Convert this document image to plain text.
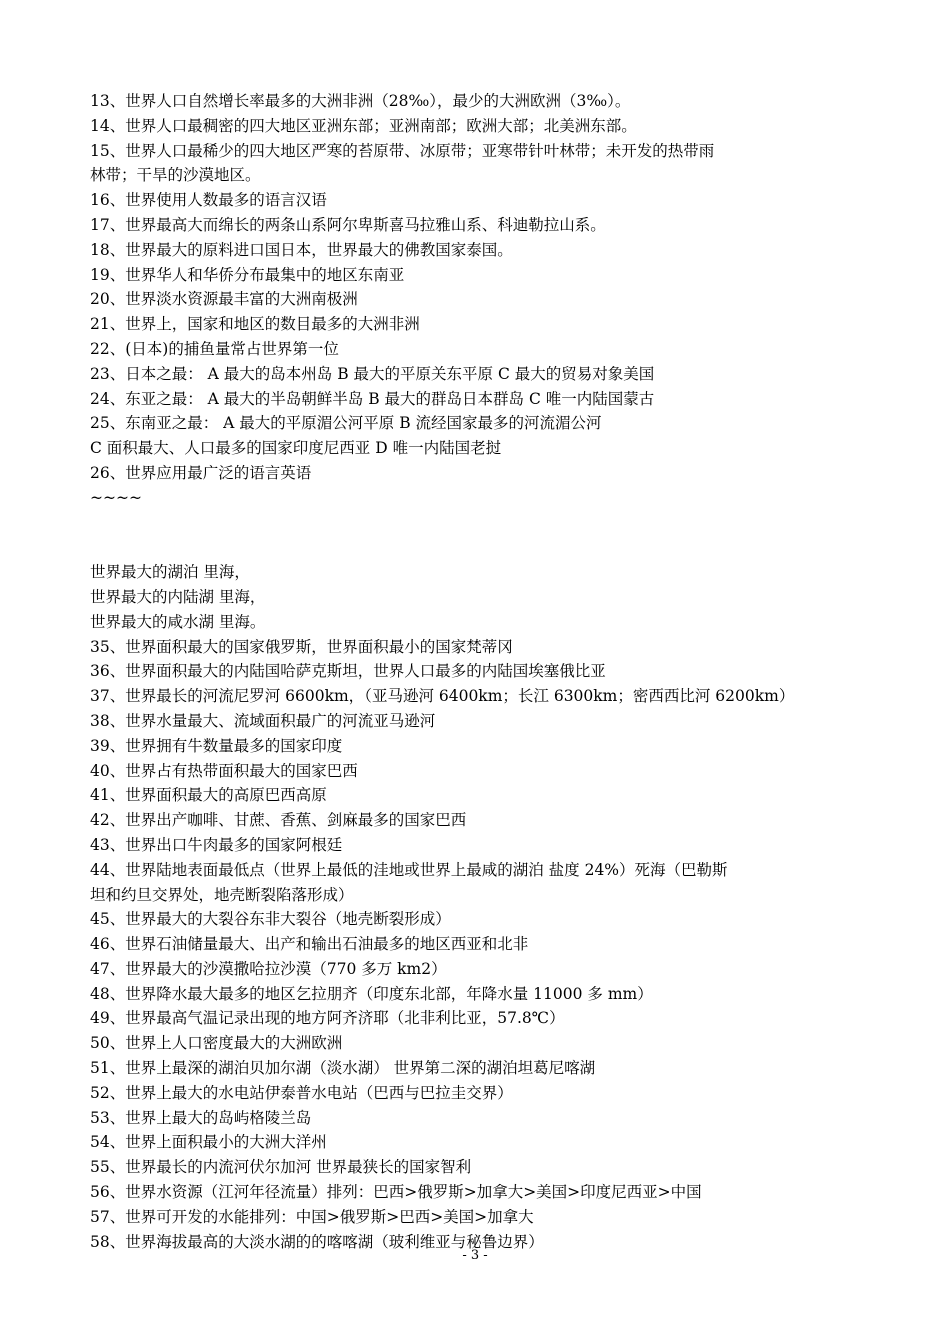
13、世界人口自然增长率最多的大洲非洲（28‰），最少的大洲欧洲（3‰）。
14、世界人口最稠密的四大地区亚洲东部；亚洲南部；欧洲大部；北美洲东部。
15、世界人口最稀少的四大地区严寒的苔原带、冰原带；亚寒带针叶林带；未开发的热带雨
林带；干旱的沙漠地区。
16、世界使用人数最多的语言汉语
17、世界最高大而绵长的两条山系阿尔卑斯喜马拉雅山系、科迪勒拉山系。
18、世界最大的原料进口国日本，世界最大的佛教国家泰国。
19、世界华人和华侨分布最集中的地区东南亚
20、世界淡水资源最丰富的大洲南极洲
21、世界上，国家和地区的数目最多的大洲非洲
22、(日本)的捕鱼量常占世界第一位
23、日本之最： A 最大的岛本州岛 B 最大的平原关东平原 C 最大的贸易对象美国
24、东亚之最： A 最大的半岛朝鲜半岛 B 最大的群岛日本群岛 C 唯一内陆国蒙古
25、东南亚之最： A 最大的平原湄公河平原 B 流经国家最多的河流湄公河
C 面积最大、人口最多的国家印度尼西亚 D 唯一内陆国老挝
26、世界应用最广泛的语言英语
~~~~
世界最大的湖泊 里海，
世界最大的内陆湖 里海，
世界最大的咸水湖 里海。
35、世界面积最大的国家俄罗斯，世界面积最小的国家梵蒂冈
36、世界面积最大的内陆国哈萨克斯坦，世界人口最多的内陆国埃塞俄比亚
37、世界最长的河流尼罗河 6600km，（亚马逊河 6400km；长江 6300km；密西西比河 6200km）
38、世界水量最大、流域面积最广的河流亚马逊河
39、世界拥有牛数量最多的国家印度
40、世界占有热带面积最大的国家巴西
41、世界面积最大的高原巴西高原
42、世界出产咖啡、甘蔗、香蕉、剑麻最多的国家巴西
43、世界出口牛肉最多的国家阿根廷
44、世界陆地表面最低点（世界上最低的洼地或世界上最咸的湖泊 盐度 24%）死海（巴勒斯
坦和约旦交界处，地壳断裂陷落形成）
45、世界最大的大裂谷东非大裂谷（地壳断裂形成）
46、世界石油储量最大、出产和输出石油最多的地区西亚和北非
47、世界最大的沙漠撒哈拉沙漠（770 多万 km2）
48、世界降水最大最多的地区乞拉朋齐（印度东北部，年降水量 11000 多 mm）
49、世界最高气温记录出现的地方阿齐济耶（北非利比亚，57.8℃）
50、世界上人口密度最大的大洲欧洲
51、世界上最深的湖泊贝加尔湖（淡水湖） 世界第二深的湖泊坦葛尼喀湖
52、世界上最大的水电站伊泰普水电站（巴西与巴拉圭交界）
53、世界上最大的岛屿格陵兰岛
54、世界上面积最小的大洲大洋州
55、世界最长的内流河伏尔加河 世界最狭长的国家智利
56、世界水资源（江河年径流量）排列：巴西>俄罗斯>加拿大>美国>印度尼西亚>中国
57、世界可开发的水能排列：中国>俄罗斯>巴西>美国>加拿大
58、世界海拔最高的大淡水湖的的喀喀湖（玻利维亚与秘鲁边界）
- 3 -
